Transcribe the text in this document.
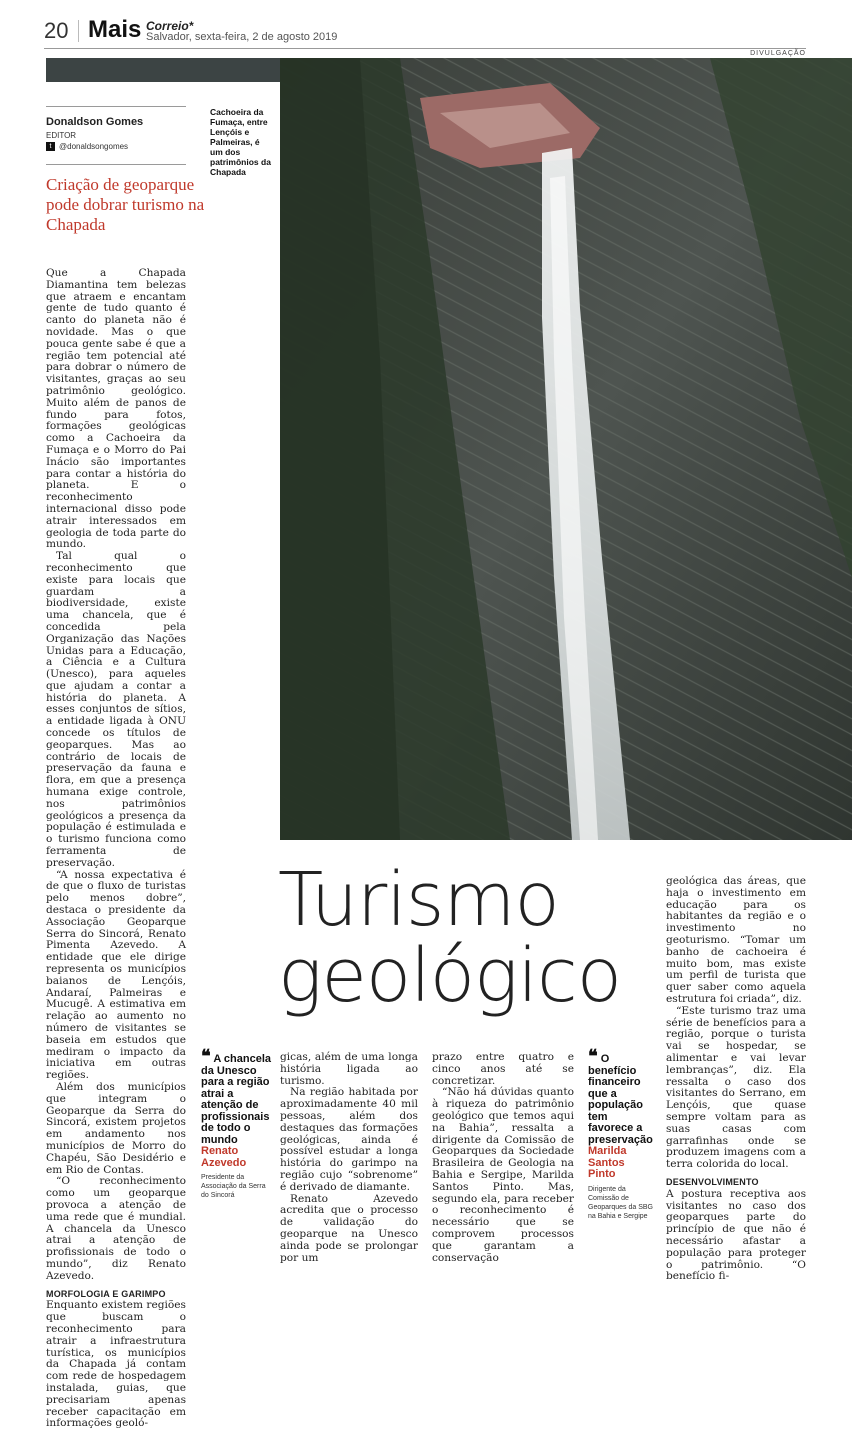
20 Mais Correio*
Salvador, sexta-feira, 2 de agosto 2019
DIVULGAÇÃO
Donaldson Gomes
EDITOR
t @donaldsongomes
Cachoeira da Fumaça, entre Lençóis e Palmeiras, é um dos patrimônios da Chapada
Criação de geoparque pode dobrar turismo na Chapada

Que a Chapada Diamantina tem belezas que atraem e encantam gente de tudo quanto é canto do planeta não é novidade. Mas o que pouca gente sabe é que a região tem potencial até para dobrar o número de visitantes, graças ao seu patrimônio geológico. Muito além de panos de fundo para fotos, formações geológicas como a Cachoeira da Fumaça e o Morro do Pai Inácio são importantes para contar a história do planeta. E o reconhecimento internacional disso pode atrair interessados em geologia de toda parte do mundo.

Tal qual o reconhecimento que existe para locais que guardam a biodiversidade, existe uma chancela, que é concedida pela Organização das Nações Unidas para a Educação, a Ciência e a Cultura (Unesco), para aqueles que ajudam a contar a história do planeta. A esses conjuntos de sítios, a entidade ligada à ONU concede os títulos de geoparques. Mas ao contrário de locais de preservação da fauna e flora, em que a presença humana exige controle, nos patrimônios geológicos a presença da população é estimulada e o turismo funciona como ferramenta de preservação.

“A nossa expectativa é de que o fluxo de turistas pelo menos dobre”, destaca o presidente da Associação Geoparque Serra do Sincorá, Renato Pimenta Azevedo. A entidade que ele dirige representa os municípios baianos de Lençóis, Andaraí, Palmeiras e Mucugê. A estimativa em relação ao aumento no número de visitantes se baseia em estudos que mediram o impacto da iniciativa em outras regiões.

Além dos municípios que integram o Geoparque da Serra do Sincorá, existem projetos em andamento nos municípios de Morro do Chapéu, São Desidério e em Rio de Contas.

“O reconhecimento como um geoparque provoca a atenção de uma rede que é mundial. A chancela da Unesco atrai a atenção de profissionais de todo o mundo”, diz Renato Azevedo.

MORFOLOGIA E GARIMPO

Enquanto existem regiões que buscam o reconhecimento para atrair a infraestrutura turística, os municípios da Chapada já contam com rede de hospedagem instalada, guias, que precisariam apenas receber capacitação em informações geoló-

Turismo
geológico
❝ A chancela da Unesco para a região atrai a atenção de profissionais de todo o mundo
Renato Azevedo
Presidente da Associação da Serra do Sincorá

gicas, além de uma longa história ligada ao turismo.

Na região habitada por aproximadamente 40 mil pessoas, além dos destaques das formações geológicas, ainda é possível estudar a longa história do garimpo na região cujo “sobrenome” é derivado de diamante.

Renato Azevedo acredita que o processo de validação do geoparque na Unesco ainda pode se prolongar por um

prazo entre quatro e cinco anos até se concretizar.

“Não há dúvidas quanto à riqueza do patrimônio geológico que temos aqui na Bahia”, ressalta a dirigente da Comissão de Geoparques da Sociedade Brasileira de Geologia na Bahia e Sergipe, Marilda Santos Pinto. Mas, segundo ela, para receber o reconhecimento é necessário que se comprovem processos que garantam a conservação

❝ O benefício financeiro que a população tem favorece a preservação
Marilda Santos Pinto
Dirigente da Comissão de Geoparques da SBG na Bahia e Sergipe

geológica das áreas, que haja o investimento em educação para os habitantes da região e o investimento no geoturismo. “Tomar um banho de cachoeira é muito bom, mas existe um perfil de turista que quer saber como aquela estrutura foi criada”, diz.

“Este turismo traz uma série de benefícios para a região, porque o turista vai se hospedar, se alimentar e vai levar lembranças”, diz. Ela ressalta o caso dos visitantes do Serrano, em Lençóis, que quase sempre voltam para as suas casas com garrafinhas onde se produzem imagens com a terra colorida do local.

DESENVOLVIMENTO

A postura receptiva aos visitantes no caso dos geoparques parte do princípio de que não é necessário afastar a população para proteger o patrimônio. “O benefício fi-
